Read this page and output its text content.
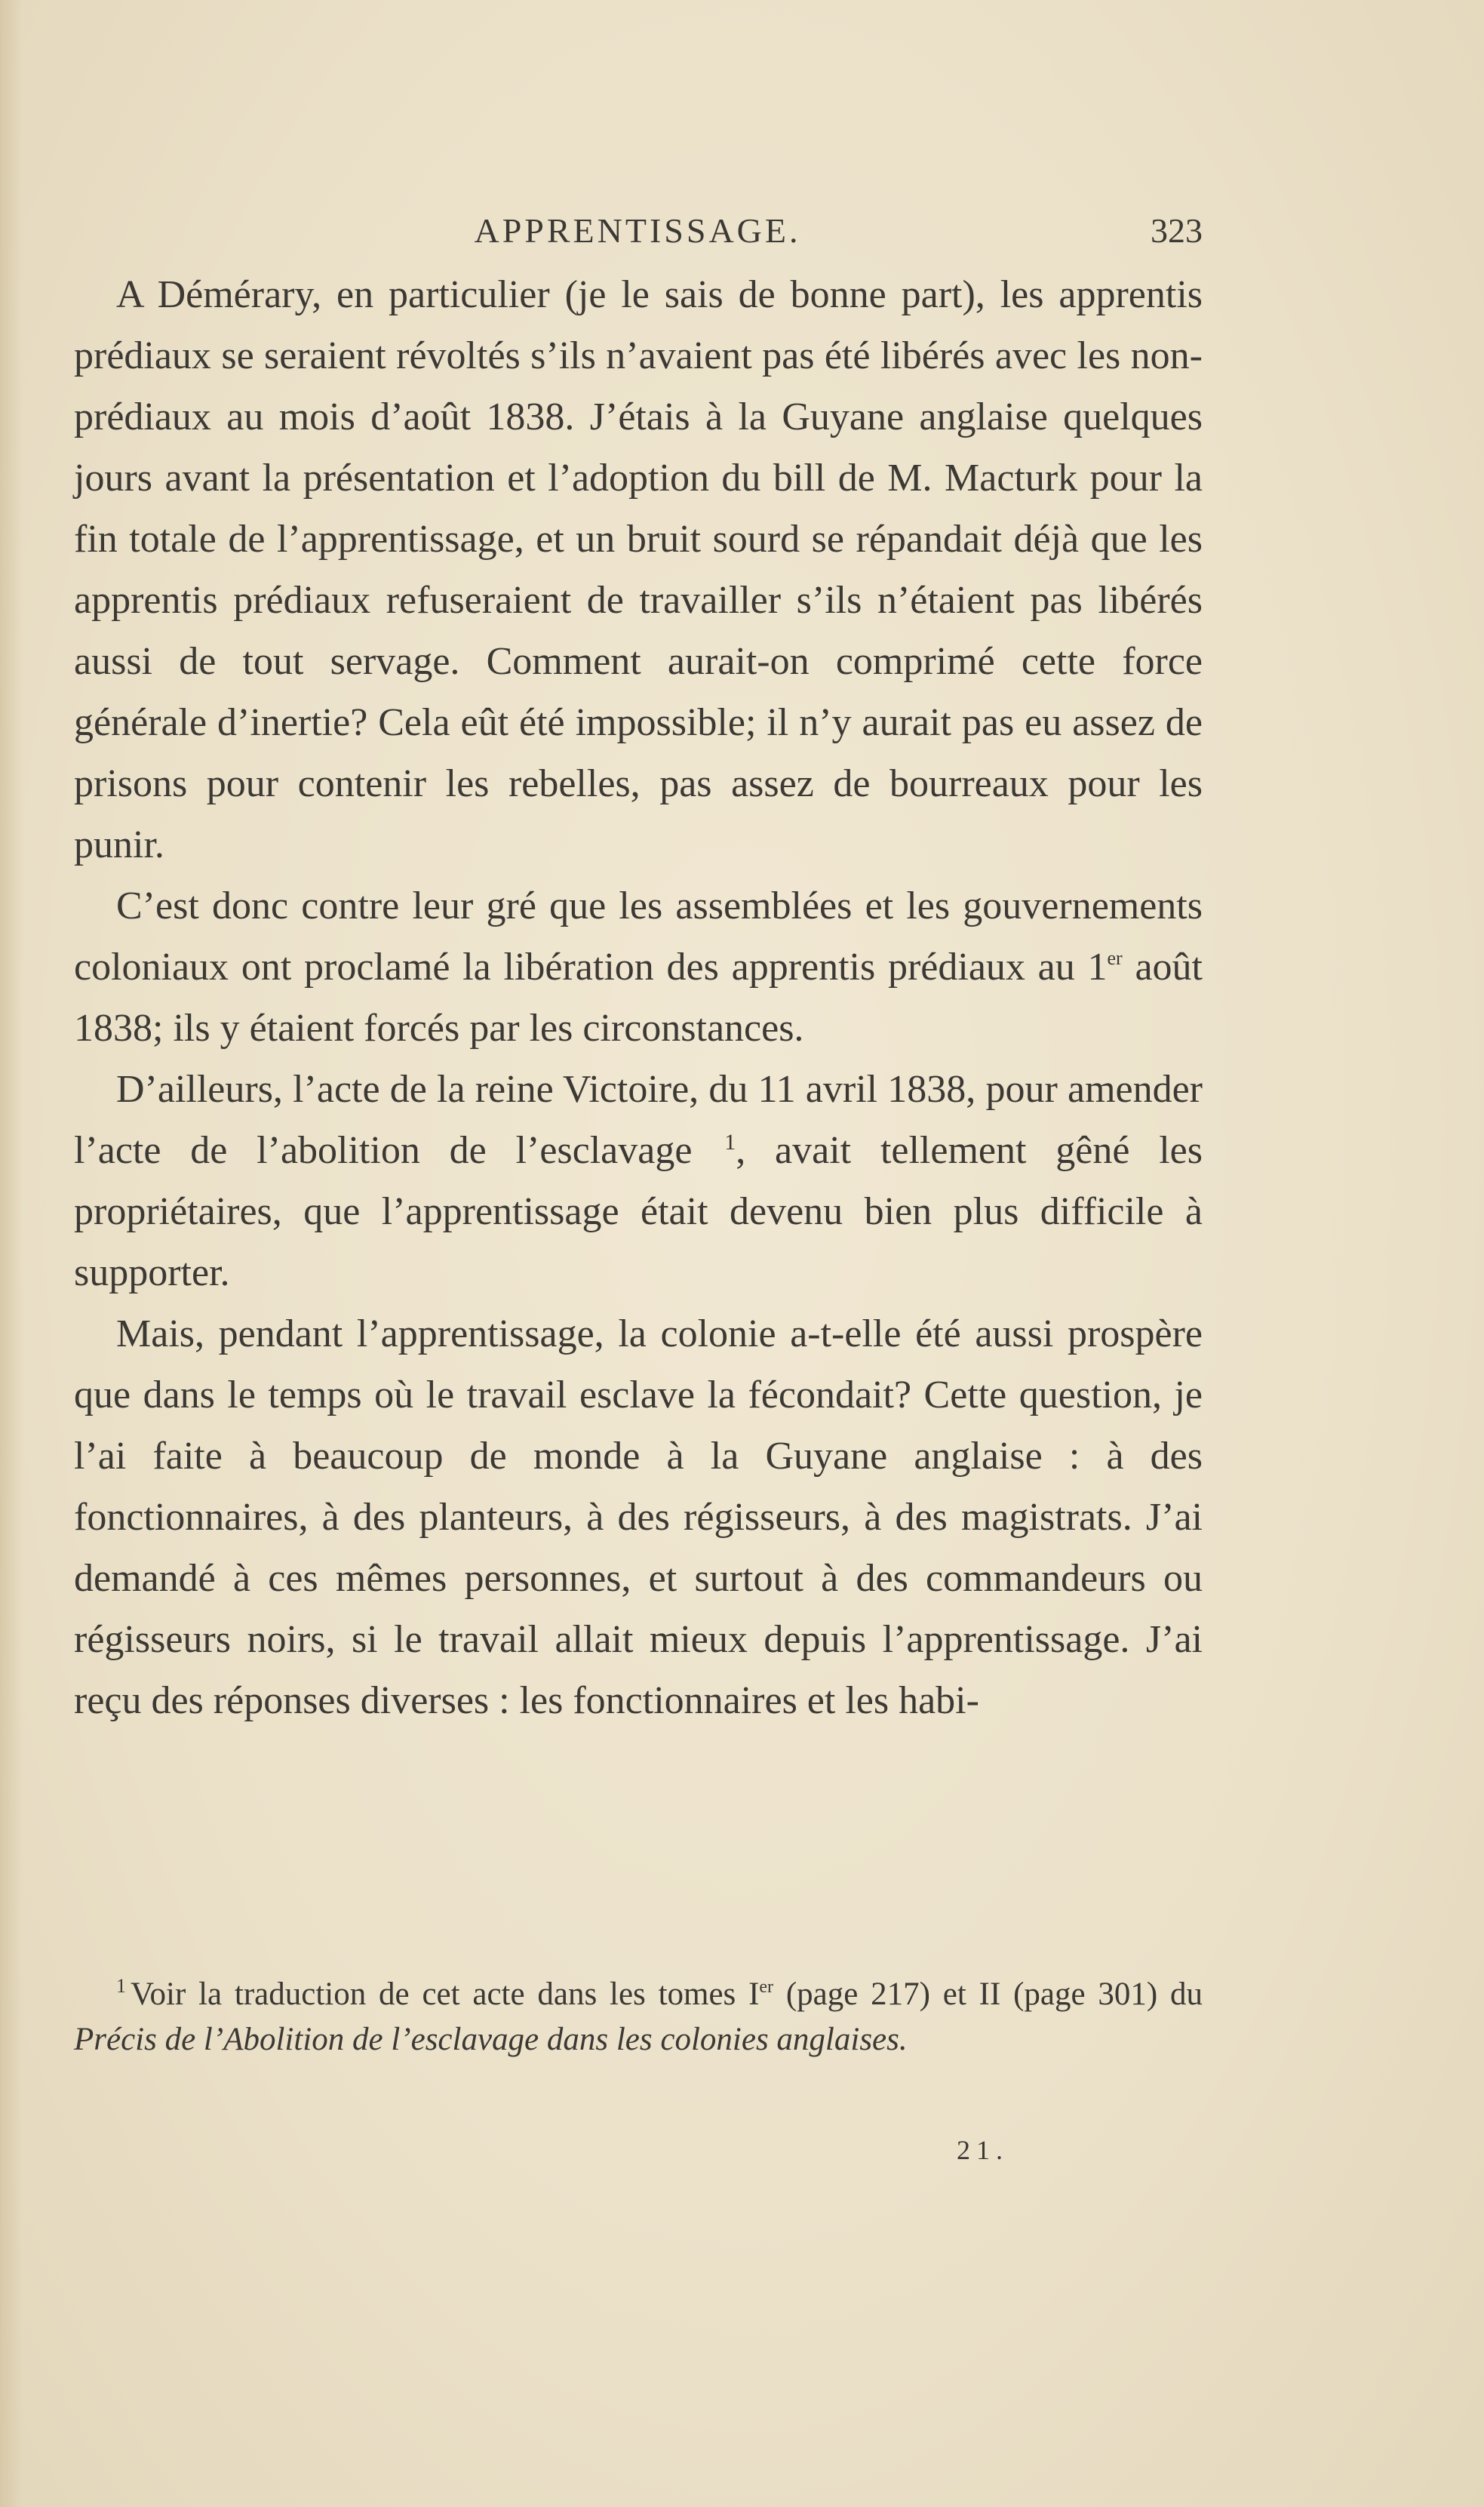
APPRENTISSAGE.	323

A Démérary, en particulier (je le sais de bonne part), les apprentis prédiaux se seraient révoltés s’ils n’avaient pas été libérés avec les non-prédiaux au mois d’août 1838. J’étais à la Guyane anglaise quelques jours avant la présentation et l’adoption du bill de M. Macturk pour la fin totale de l’apprentissage, et un bruit sourd se répandait déjà que les apprentis prédiaux refuseraient de travailler s’ils n’étaient pas libérés aussi de tout servage. Comment aurait-on comprimé cette force générale d’inertie? Cela eût été impossible; il n’y aurait pas eu assez de prisons pour contenir les rebelles, pas assez de bourreaux pour les punir.

C’est donc contre leur gré que les assemblées et les gouvernements coloniaux ont proclamé la libération des apprentis prédiaux au 1er août 1838; ils y étaient forcés par les circonstances.

D’ailleurs, l’acte de la reine Victoire, du 11 avril 1838, pour amender l’acte de l’abolition de l’esclavage $^1$, avait tellement gêné les propriétaires, que l’apprentissage était devenu bien plus difficile à supporter.

Mais, pendant l’apprentissage, la colonie a-t-elle été aussi prospère que dans le temps où le travail esclave la fécondait? Cette question, je l’ai faite à beaucoup de monde à la Guyane anglaise : à des fonctionnaires, à des planteurs, à des régisseurs, à des magistrats. J’ai demandé à ces mêmes personnes, et surtout à des commandeurs ou régisseurs noirs, si le travail allait mieux depuis l’apprentissage. J’ai reçu des réponses diverses : les fonctionnaires et les habi-

$^1$ Voir la traduction de cet acte dans les tomes Ier (page 217) et II (page 301) du Précis de l’Abolition de l’esclavage dans les colonies anglaises.

21.
